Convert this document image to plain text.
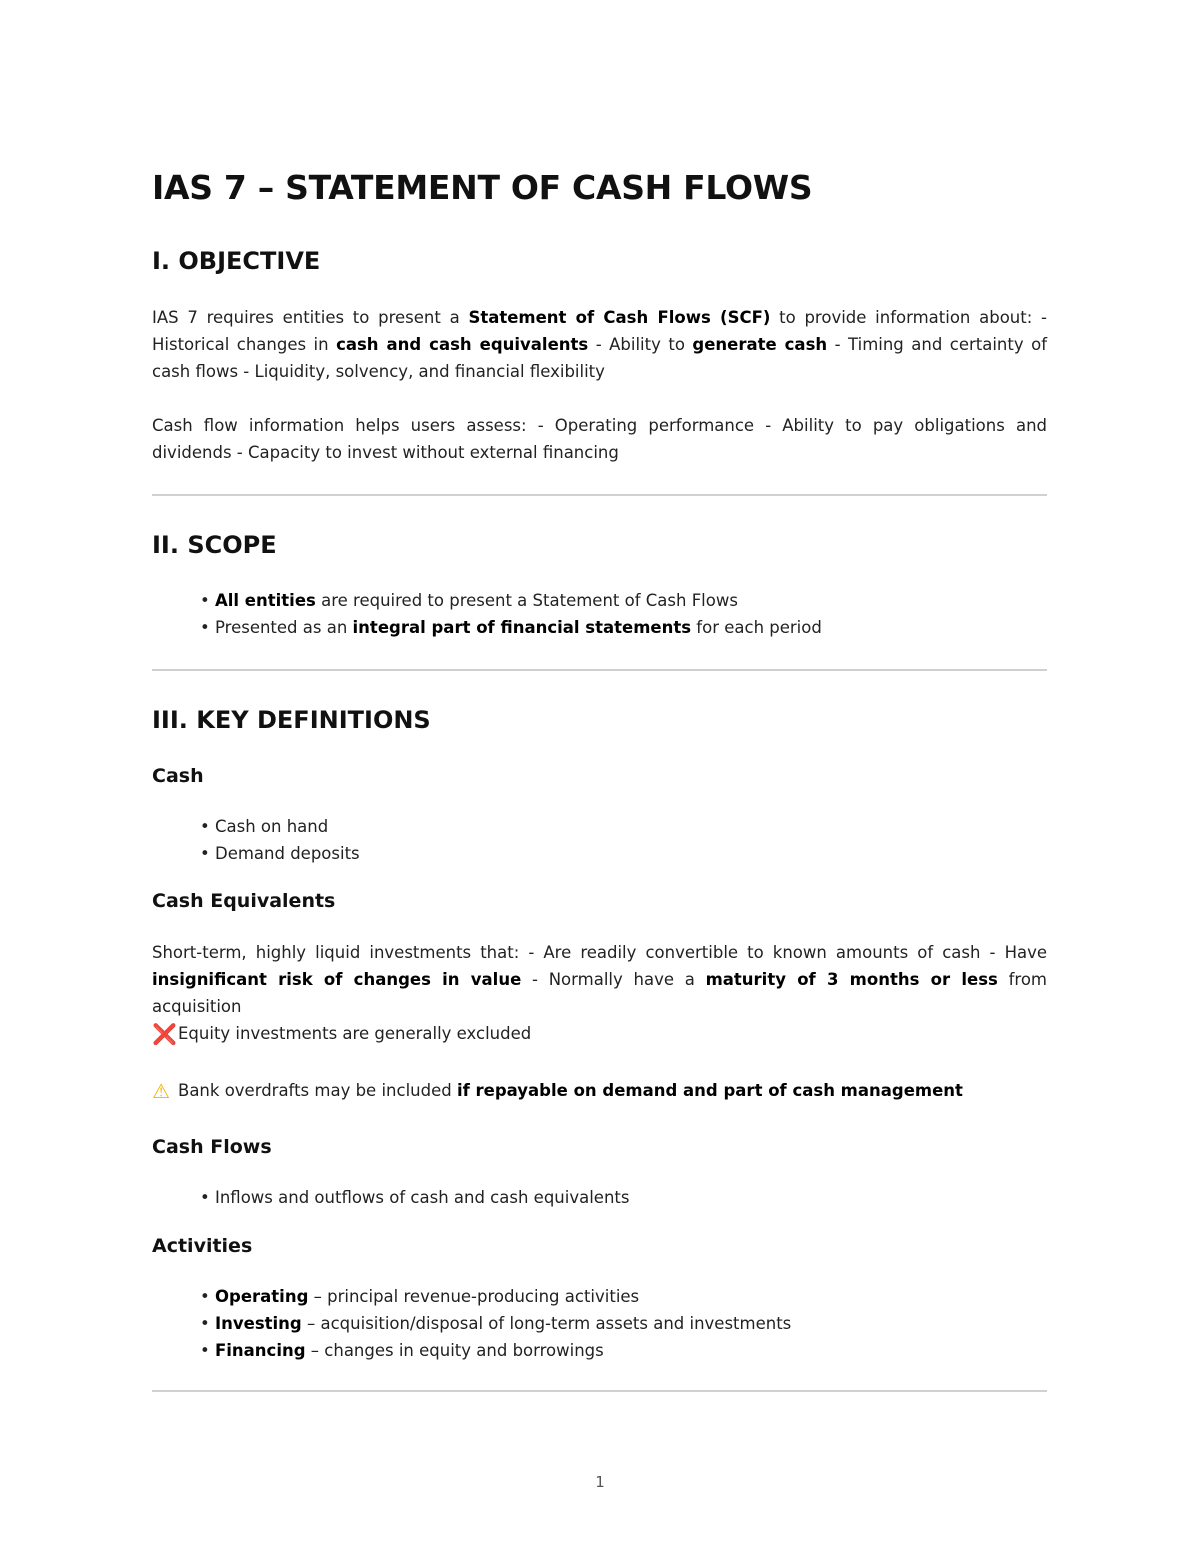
IAS 7 – STATEMENT OF CASH FLOWS
I. OBJECTIVE

IAS 7 requires entities to present a Statement of Cash Flows (SCF) to provide information about: - Historical changes in cash and cash equivalents - Ability to generate cash - Timing and certainty of cash flows - Liquidity, solvency, and financial flexibility

Cash flow information helps users assess: - Operating performance - Ability to pay obligations and dividends - Capacity to invest without external financing

II. SCOPE
• All entities are required to present a Statement of Cash Flows
• Presented as an integral part of financial statements for each period
III. KEY DEFINITIONS
Cash
• Cash on hand
• Demand deposits
Cash Equivalents

Short-term, highly liquid investments that: - Are readily convertible to known amounts of cash - Have insignificant risk of changes in value - Normally have a maturity of 3 months or less from acquisition

❌Equity investments are generally excluded
⚠ Bank overdrafts may be included if repayable on demand and part of cash management
Cash Flows
• Inflows and outflows of cash and cash equivalents
Activities
• Operating – principal revenue-producing activities
• Investing – acquisition/disposal of long-term assets and investments
• Financing – changes in equity and borrowings
1
